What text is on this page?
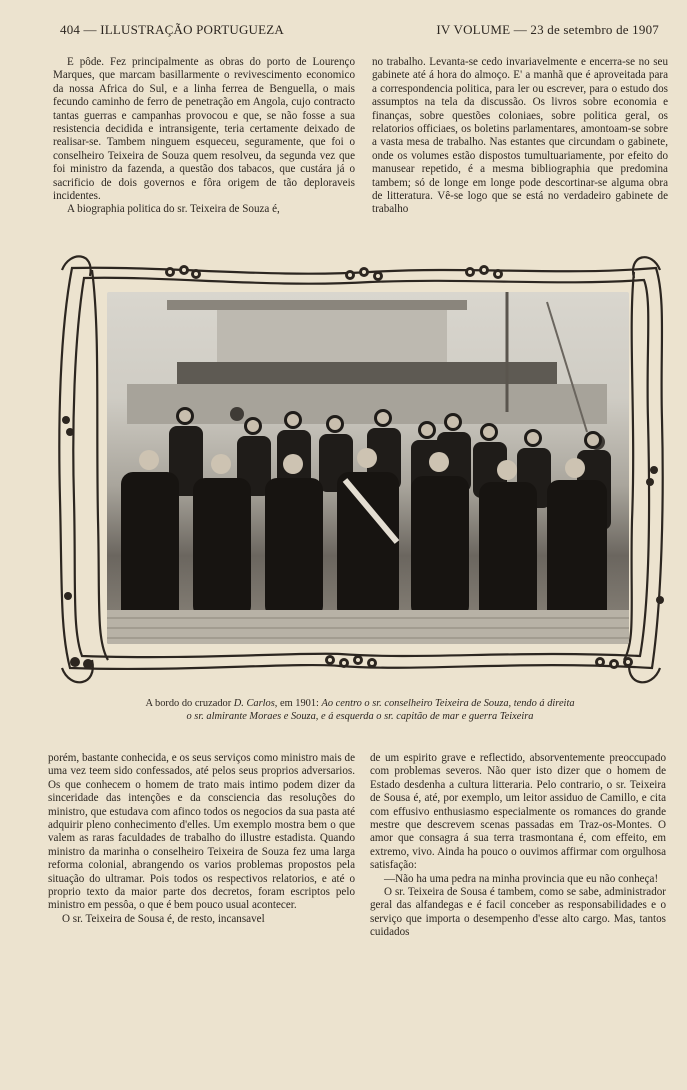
404 — ILLUSTRAÇÃO PORTUGUEZA	IV VOLUME — 23 de setembro de 1907

E pôde. Fez principalmente as obras do porto de Lourenço Marques, que marcam basillarmente o revivescimento economico da nossa Africa do Sul, e a linha ferrea de Benguella, o mais fecundo caminho de ferro de penetração em Angola, cujo contracto tantas guerras e campanhas provocou e que, se não fosse a sua resistencia decidida e intransigente, teria certamente deixado de realisar-se. Tambem ninguem esqueceu, seguramente, que foi o conselheiro Teixeira de Souza quem resolveu, da segunda vez que foi ministro da fazenda, a questão dos tabacos, que custára já o sacrificio de dois governos e fôra origem de tão deploraveis incidentes.

A biographia politica do sr. Teixeira de Souza é,

no trabalho. Levanta-se cedo invariavelmente e encerra-se no seu gabinete até á hora do almoço. E' a manhã que é aproveitada para a correspondencia politica, para ler ou escrever, para o estudo dos assumptos na tela da discussão. Os livros sobre economia e finanças, sobre questões coloniaes, sobre politica geral, os relatorios officiaes, os boletins parlamentares, amontoam-se sobre a vasta mesa de trabalho. Nas estantes que circundam o gabinete, onde os volumes estão dispostos tumultuariamente, por efeito do manusear repetido, é a mesma bibliographia que predomina tambem; só de longe em longe pode descortinar-se alguma obra de litteratura. Vê-se logo que se está no verdadeiro gabinete de trabalho

A bordo do cruzador D. Carlos, em 1901: Ao centro o sr. conselheiro Teixeira de Souza, tendo á direita
o sr. almirante Moraes e Souza, e á esquerda o sr. capitão de mar e guerra Teixeira

porém, bastante conhecida, e os seus serviços como ministro mais de uma vez teem sido confessados, até pelos seus proprios adversarios. Os que conhecem o homem de trato mais intimo podem dizer da sinceridade das intenções e da consciencia das resoluções do ministro, que estudava com afinco todos os negocios da sua pasta até adquirir pleno conhecimento d'elles. Um exemplo mostra bem o que valem as raras faculdades de trabalho do illustre estadista. Quando ministro da marinha o conselheiro Teixeira de Souza fez uma larga reforma colonial, abrangendo os varios problemas propostos pela situação do ultramar. Pois todos os respectivos relatorios, e até o proprio texto da maior parte dos decretos, foram escriptos pelo ministro em pessôa, o que é bem pouco usual acontecer.

O sr. Teixeira de Sousa é, de resto, incansavel

de um espirito grave e reflectido, absorventemente preoccupado com problemas severos. Não quer isto dizer que o homem de Estado desdenha a cultura litteraria. Pelo contrario, o sr. Teixeira de Sousa é, até, por exemplo, um leitor assiduo de Camillo, e cita com effusivo enthusiasmo especialmente os romances do grande mestre que descrevem scenas passadas em Traz-os-Montes. O amor que consagra á sua terra trasmontana é, com effeito, em extremo, vivo. Ainda ha pouco o ouvimos affirmar com orgulhosa satisfação:

—Não ha uma pedra na minha provincia que eu não conheça!

O sr. Teixeira de Sousa é tambem, como se sabe, administrador geral das alfandegas e é facil conceber as responsabilidades e o serviço que importa o desempenho d'esse alto cargo. Mas, tantos cuidados
